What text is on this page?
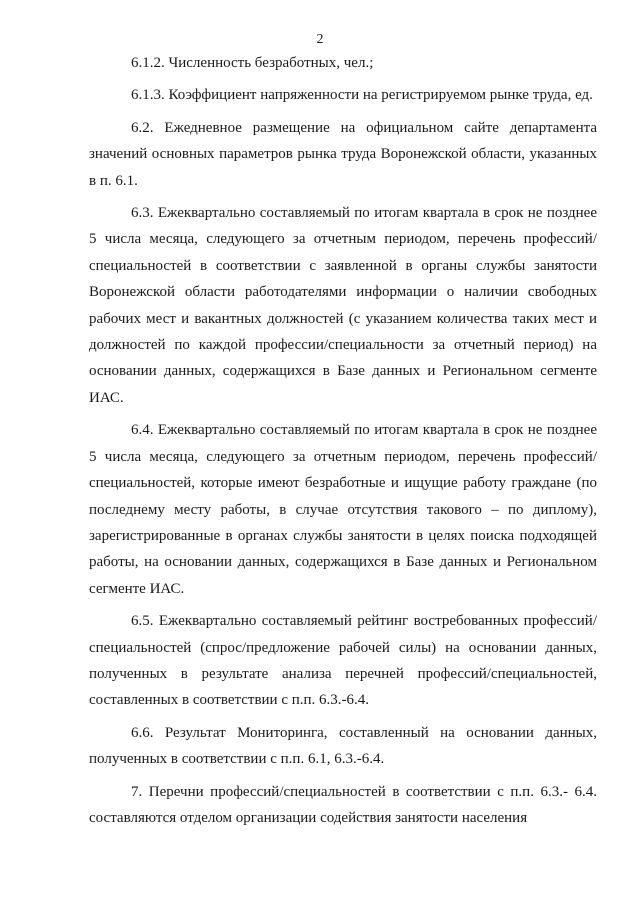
2

6.1.2. Численность безработных, чел.;

6.1.3. Коэффициент напряженности на регистрируемом рынке труда, ед.

6.2. Ежедневное размещение на официальном сайте департамента значений основных параметров рынка труда Воронежской области, указанных в п. 6.1.

6.3. Ежеквартально составляемый по итогам квартала в срок не позднее 5 числа месяца, следующего за отчетным периодом, перечень профессий/специальностей в соответствии с заявленной в органы службы занятости Воронежской области работодателями информации о наличии свободных рабочих мест и вакантных должностей (с указанием количества таких мест и должностей по каждой профессии/специальности за отчетный период) на основании данных, содержащихся в Базе данных и Региональном сегменте ИАС.

6.4. Ежеквартально составляемый по итогам квартала в срок не позднее 5 числа месяца, следующего за отчетным периодом, перечень профессий/специальностей, которые имеют безработные и ищущие работу граждане (по последнему месту работы, в случае отсутствия такового – по диплому), зарегистрированные в органах службы занятости в целях поиска подходящей работы, на основании данных, содержащихся в Базе данных и Региональном сегменте ИАС.

6.5. Ежеквартально составляемый рейтинг востребованных профессий/специальностей (спрос/предложение рабочей силы) на основании данных, полученных в результате анализа перечней профессий/специальностей, составленных в соответствии с п.п. 6.3.-6.4.

6.6. Результат Мониторинга, составленный на основании данных, полученных в соответствии с п.п. 6.1, 6.3.-6.4.

7. Перечни профессий/специальностей в соответствии с п.п. 6.3.- 6.4. составляются отделом организации содействия занятости населения
